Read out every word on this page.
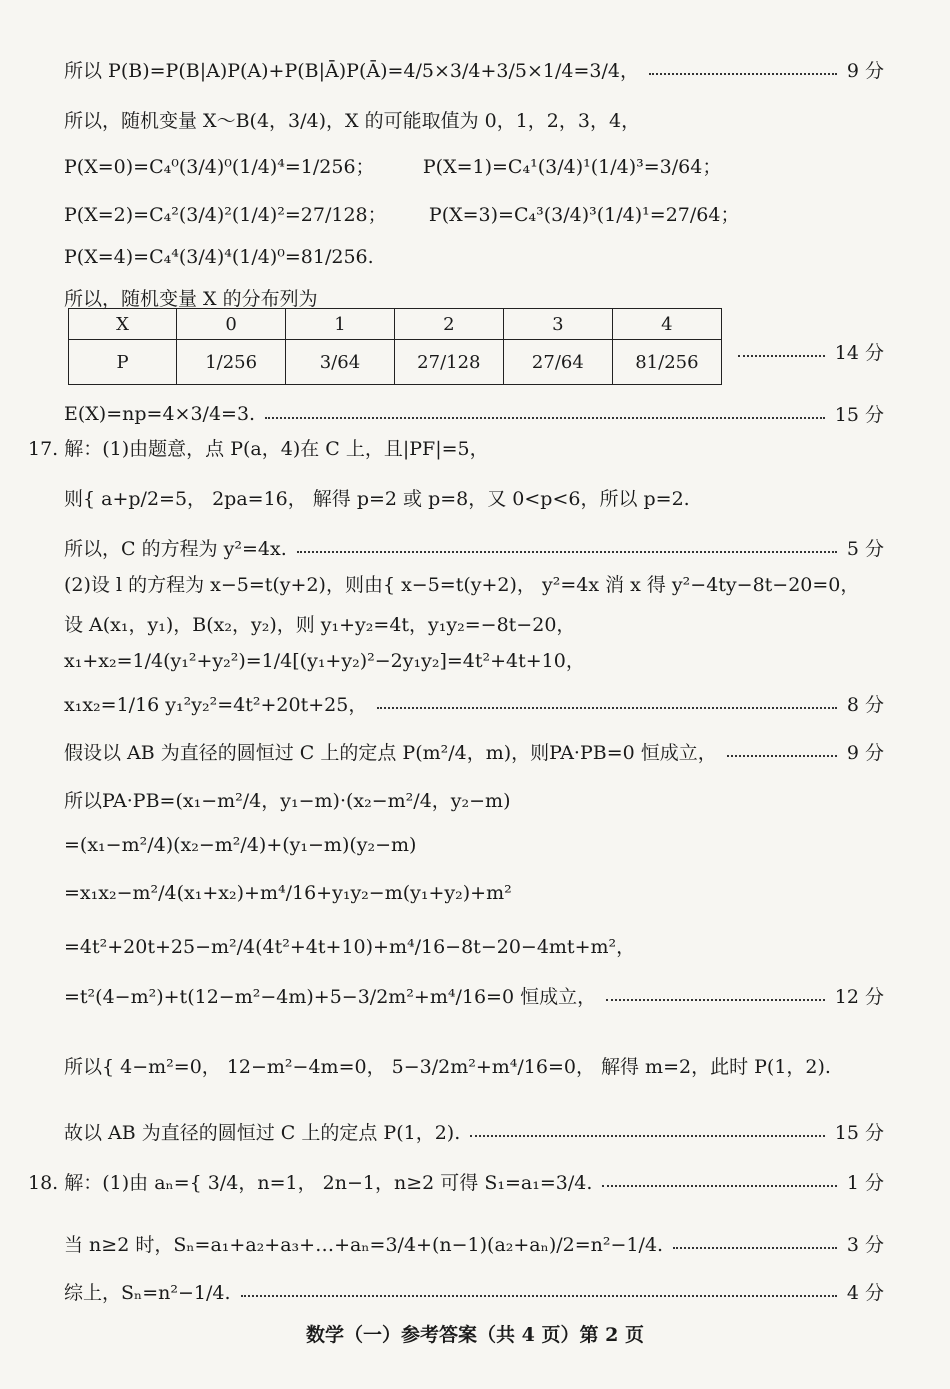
所以 P(B)=P(B|A)P(A)+P(B|Ā)P(Ā)=4/5×3/4+3/5×1/4=3/4，	9 分
所以，随机变量 X～B(4，3/4)，X 的可能取值为 0，1，2，3，4，
P(X=0)=C₄⁰(3/4)⁰(1/4)⁴=1/256；        P(X=1)=C₄¹(3/4)¹(1/4)³=3/64；
P(X=2)=C₄²(3/4)²(1/4)²=27/128；       P(X=3)=C₄³(3/4)³(1/4)¹=27/64；
P(X=4)=C₄⁴(3/4)⁴(1/4)⁰=81/256.
所以，随机变量 X 的分布列为
X	0	1	2	3	4
P	1/256	3/64	27/128	27/64	81/256	14 分
E(X)=np=4×3/4=3.	15 分
17. 解：(1)由题意，点 P(a，4)在 C 上，且|PF|=5，
则{ a+p/2=5， 2pa=16， 解得 p=2 或 p=8，又 0<p<6，所以 p=2.
所以，C 的方程为 y²=4x.	5 分
(2)设 l 的方程为 x−5=t(y+2)，则由{ x−5=t(y+2)， y²=4x 消 x 得 y²−4ty−8t−20=0，
设 A(x₁，y₁)，B(x₂，y₂)，则 y₁+y₂=4t，y₁y₂=−8t−20，
x₁+x₂=1/4(y₁²+y₂²)=1/4[(y₁+y₂)²−2y₁y₂]=4t²+4t+10，
x₁x₂=1/16 y₁²y₂²=4t²+20t+25，	8 分
假设以 AB 为直径的圆恒过 C 上的定点 P(m²/4，m)，则PA·PB=0 恒成立，	9 分
所以PA·PB=(x₁−m²/4，y₁−m)·(x₂−m²/4，y₂−m)
=(x₁−m²/4)(x₂−m²/4)+(y₁−m)(y₂−m)
=x₁x₂−m²/4(x₁+x₂)+m⁴/16+y₁y₂−m(y₁+y₂)+m²
=4t²+20t+25−m²/4(4t²+4t+10)+m⁴/16−8t−20−4mt+m²，
=t²(4−m²)+t(12−m²−4m)+5−3/2m²+m⁴/16=0 恒成立，	12 分
所以{ 4−m²=0， 12−m²−4m=0， 5−3/2m²+m⁴/16=0， 解得 m=2，此时 P(1，2).
故以 AB 为直径的圆恒过 C 上的定点 P(1，2).	15 分
18. 解：(1)由 aₙ={ 3/4，n=1， 2n−1，n≥2 可得 S₁=a₁=3/4.	1 分
当 n≥2 时，Sₙ=a₁+a₂+a₃+…+aₙ=3/4+(n−1)(a₂+aₙ)/2=n²−1/4.	3 分
综上，Sₙ=n²−1/4.	4 分
数学（一）参考答案（共 4 页）第 2 页
